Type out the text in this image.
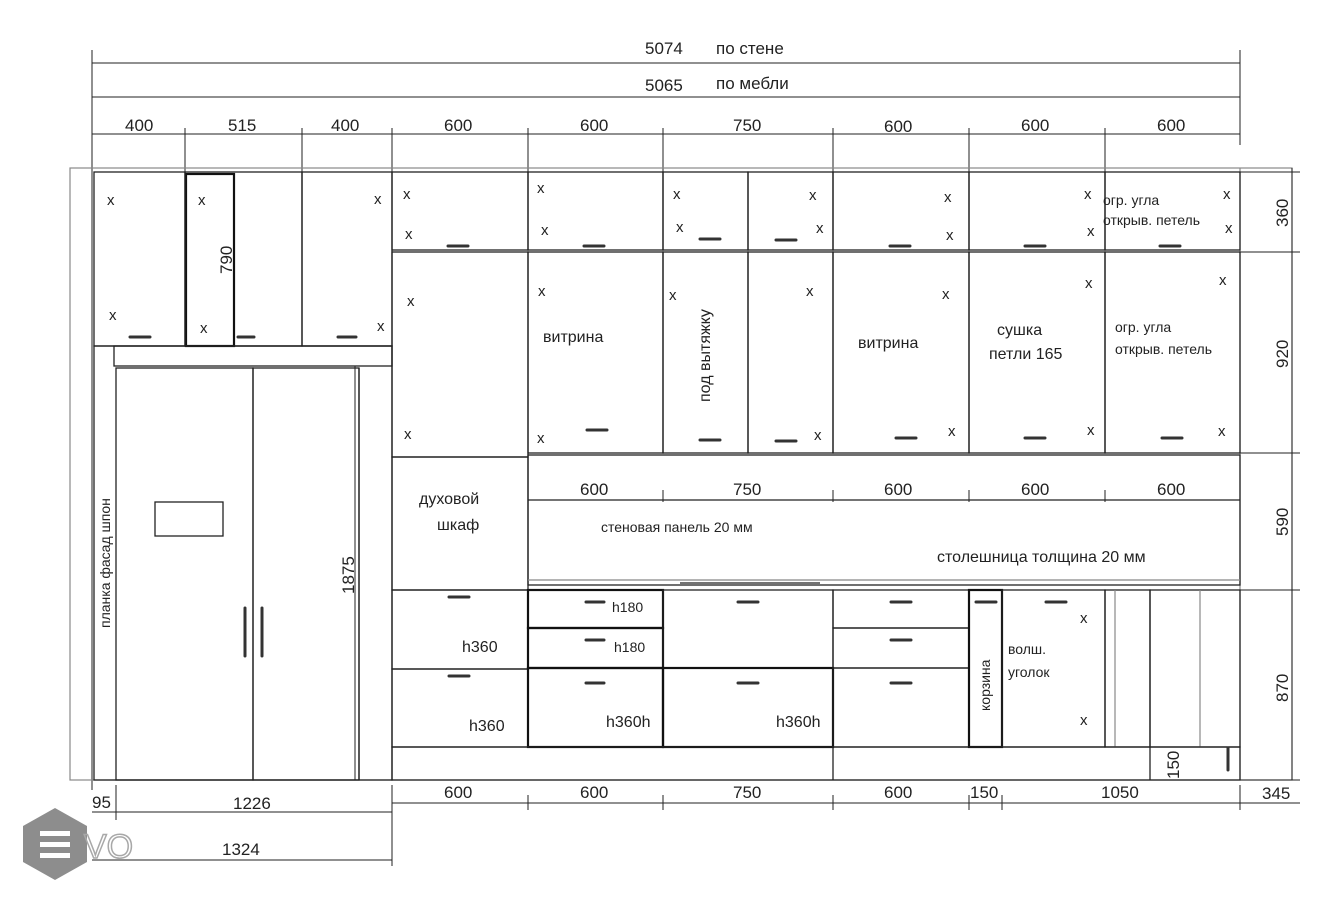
5074 по стене
5065 по мебли
400	515	400	600	600	750	600	600	600
600	750	600	600	600
x
x
x
x
x
x
x
x
x
x
x
x
x
x
x
x
x
x
x
x
x
x
x
x
x	x
x
x
x
x
x
x
x
x
x
витрина	витрина
под вытяжку	сушка
петли 165
огр. угла
открыв. петель
огр. угла
открыв. петель
духовой
шкаф	стеновая панель 20 мм
столешница толщина 20 мм
планка фасад шпон
корзина
волш.
уголок
h360
h360
h180
h180
h360h	h360h
790
1875
150
360
920
590
870
345
95	1226
1324
600	600	750	600	150	1050
VO
